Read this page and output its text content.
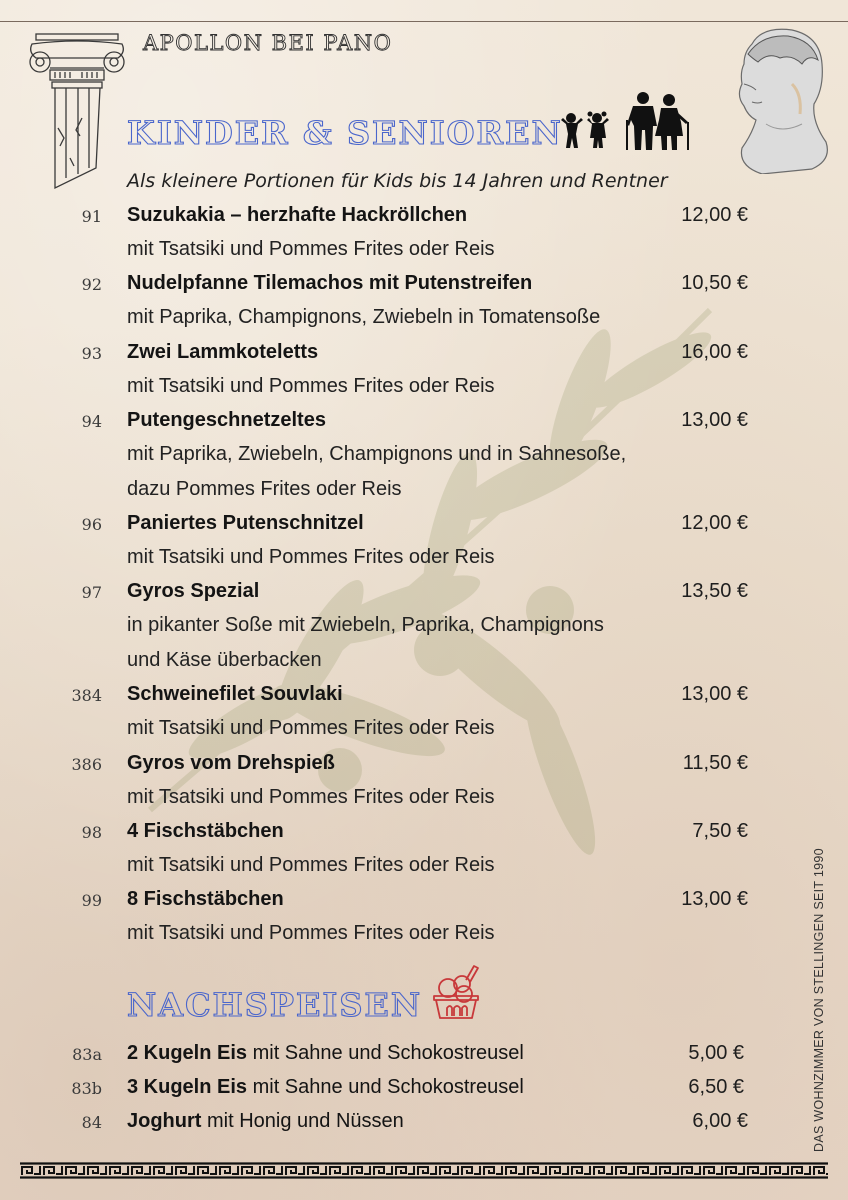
APOLLON BEI PANO
KINDER & SENIOREN
Als kleinere Portionen für Kids bis 14 Jahren und Rentner
91 Suzukakia – herzhafte Hackröllchen	12,00 €
mit Tsatsiki und Pommes Frites oder Reis
92 Nudelpfanne Tilemachos mit Putenstreifen	10,50 €
mit Paprika, Champignons, Zwiebeln in Tomatensoße
93 Zwei Lammkoteletts	16,00 €
mit Tsatsiki und Pommes Frites oder Reis
94 Putengeschnetzeltes	13,00 €
mit Paprika, Zwiebeln, Champignons und in Sahnesoße,
dazu Pommes Frites oder Reis
96 Paniertes Putenschnitzel	12,00 €
mit Tsatsiki und Pommes Frites oder Reis
97 Gyros Spezial	13,50 €
in pikanter Soße mit Zwiebeln, Paprika, Champignons
und Käse überbacken
384 Schweinefilet Souvlaki	13,00 €
mit Tsatsiki und Pommes Frites oder Reis
386 Gyros vom Drehspieß	11,50 €
mit Tsatsiki und Pommes Frites oder Reis
98 4 Fischstäbchen	7,50 €
mit Tsatsiki und Pommes Frites oder Reis
99 8 Fischstäbchen	13,00 €
mit Tsatsiki und Pommes Frites oder Reis
NACHSPEISEN
83a 2 Kugeln Eis mit Sahne und Schokostreusel	5,00 €
83b 3 Kugeln Eis mit Sahne und Schokostreusel	6,50 €
84 Joghurt mit Honig und Nüssen	6,00 €	DAS WOHNZIMMER VON STELLINGEN SEIT 1990
